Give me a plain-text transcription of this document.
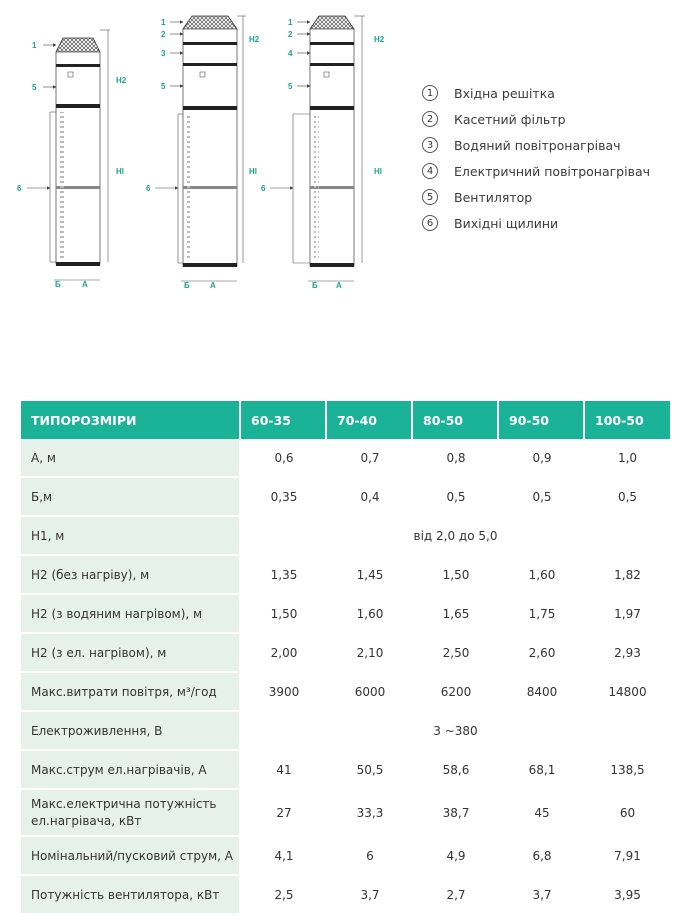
1
5
6
H2
Hl
Б	A
1
2
3
5
6
H2
Hl
Б	A
1
2
4
5
6
H2
Hl
Б A
1	Вхідна решітка
2	Касетний фільтр
3	Водяний повітронагрівач
4	Електричний повітронагрівач
5	Вентилятор
6	Вихідні щилини
ТИПОРОЗМІРИ	60-35	70-40	80-50	90-50	100-50
А, м	0,6	0,7	0,8	0,9	1,0
Б,м	0,35	0,4	0,5	0,5	0,5
Н1, м	від 2,0 до 5,0				
Н2 (без нагріву), м	1,35	1,45	1,50	1,60	1,82
Н2 (з водяним нагрівом), м	1,50	1,60	1,65	1,75	1,97
Н2 (з ел. нагрівом), м	2,00	2,10	2,50	2,60	2,93
Макс.витрати повітря, м³/год	3900	6000	6200	8400	14800
Електроживлення, В	3 ~380				
Макс.струм ел.нагрівачів, А	41	50,5	58,6	68,1	138,5
Макс.електрична потужність ел.нагрівача, кВт	27	33,3	38,7	45	60
Номінальний/пусковий струм, А	4,1	6	4,9	6,8	7,91
Потужність вентилятора, кВт	2,5	3,7	2,7	3,7	3,95
